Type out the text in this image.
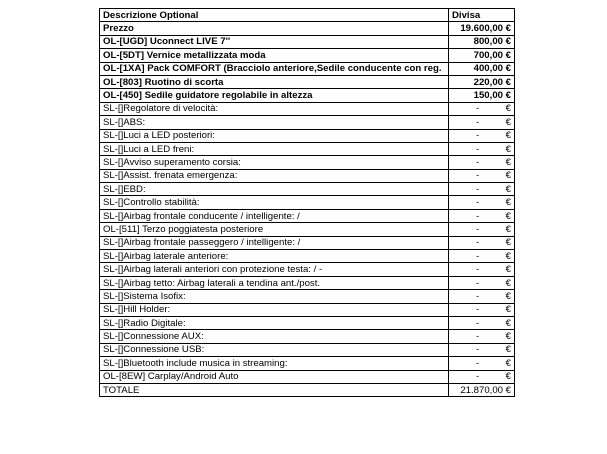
Descrizione Optional	Divisa
Prezzo	19.600,00 €
OL-[UGD] Uconnect LIVE 7''	800,00 €
OL-[5DT] Vernice metallizzata moda	700,00 €
OL-[1XA] Pack COMFORT (Bracciolo anteriore,Sedile conducente con reg.	400,00 €
OL-[803] Ruotino di scorta	220,00 €
OL-[450] Sedile guidatore regolabile in altezza	150,00 €
SL-[]Regolatore di velocità:	- €

SL-[]ABS:	- €

SL-[]Luci a LED posteriori:	- €

SL-[]Luci a LED freni:	- €

SL-[]Avviso superamento corsia:	- €

SL-[]Assist. frenata emergenza:	- €

SL-[]EBD:	- €

SL-[]Controllo stabilità:	- €

SL-[]Airbag frontale conducente / intelligente: /	- €

OL-[511] Terzo poggiatesta posteriore	- €

SL-[]Airbag frontale passeggero / intelligente: /	- €

SL-[]Airbag laterale anteriore:	- €

SL-[]Airbag laterali anteriori con protezione testa: / -	- €

SL-[]Airbag tetto: Airbag laterali a tendina ant./post.	- €

SL-[]Sistema Isofix:	- €

SL-[]Hill Holder:	- €

SL-[]Radio Digitale:	- €

SL-[]Connessione AUX:	- €

SL-[]Connessione USB:	- €

SL-[]Bluetooth include musica in streaming:	- €

OL-[8EW] Carplay/Android Auto	- €

TOTALE	21.870,00 €
